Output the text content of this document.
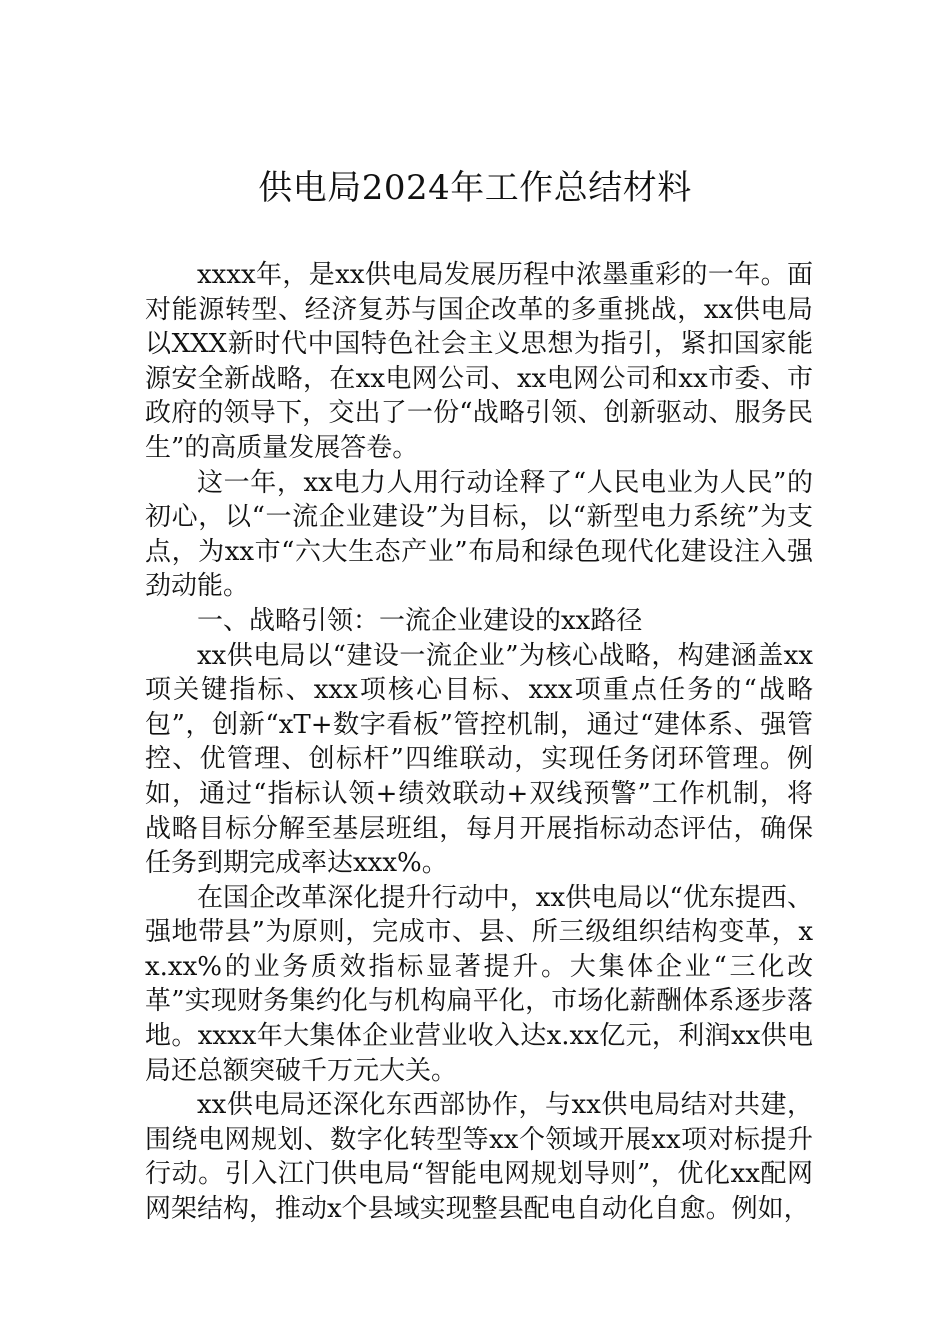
供电局2024年工作总结材料

xxxx年，是xx供电局发展历程中浓墨重彩的一年。面对能源转型、经济复苏与国企改革的多重挑战，xx供电局以XXX新时代中国特色社会主义思想为指引，紧扣国家能源安全新战略，在xx电网公司、xx电网公司和xx市委、市政府的领导下，交出了一份“战略引领、创新驱动、服务民生”的高质量发展答卷。

这一年，xx电力人用行动诠释了“人民电业为人民”的初心，以“一流企业建设”为目标，以“新型电力系统”为支点，为xx市“六大生态产业”布局和绿色现代化建设注入强劲动能。

一、战略引领：一流企业建设的xx路径

xx供电局以“建设一流企业”为核心战略，构建涵盖xx项关键指标、xxx项核心目标、xxx项重点任务的“战略包”，创新“xT+数字看板”管控机制，通过“建体系、强管控、优管理、创标杆”四维联动，实现任务闭环管理。例如，通过“指标认领+绩效联动+双线预警”工作机制，将战略目标分解至基层班组，每月开展指标动态评估，确保任务到期完成率达xxx%。

在国企改革深化提升行动中，xx供电局以“优东提西、强地带县”为原则，完成市、县、所三级组织结构变革，xx.xx%的业务质效指标显著提升。大集体企业“三化改革”实现财务集约化与机构扁平化，市场化薪酬体系逐步落地。xxxx年大集体企业营业收入达x.xx亿元，利润xx供电局还总额突破千万元大关。

xx供电局还深化东西部协作，与xx供电局结对共建，围绕电网规划、数字化转型等xx个领域开展xx项对标提升行动。引入江门供电局“智能电网规划导则”，优化xx配网网架结构，推动x个县域实现整县配电自动化自愈。例如，
